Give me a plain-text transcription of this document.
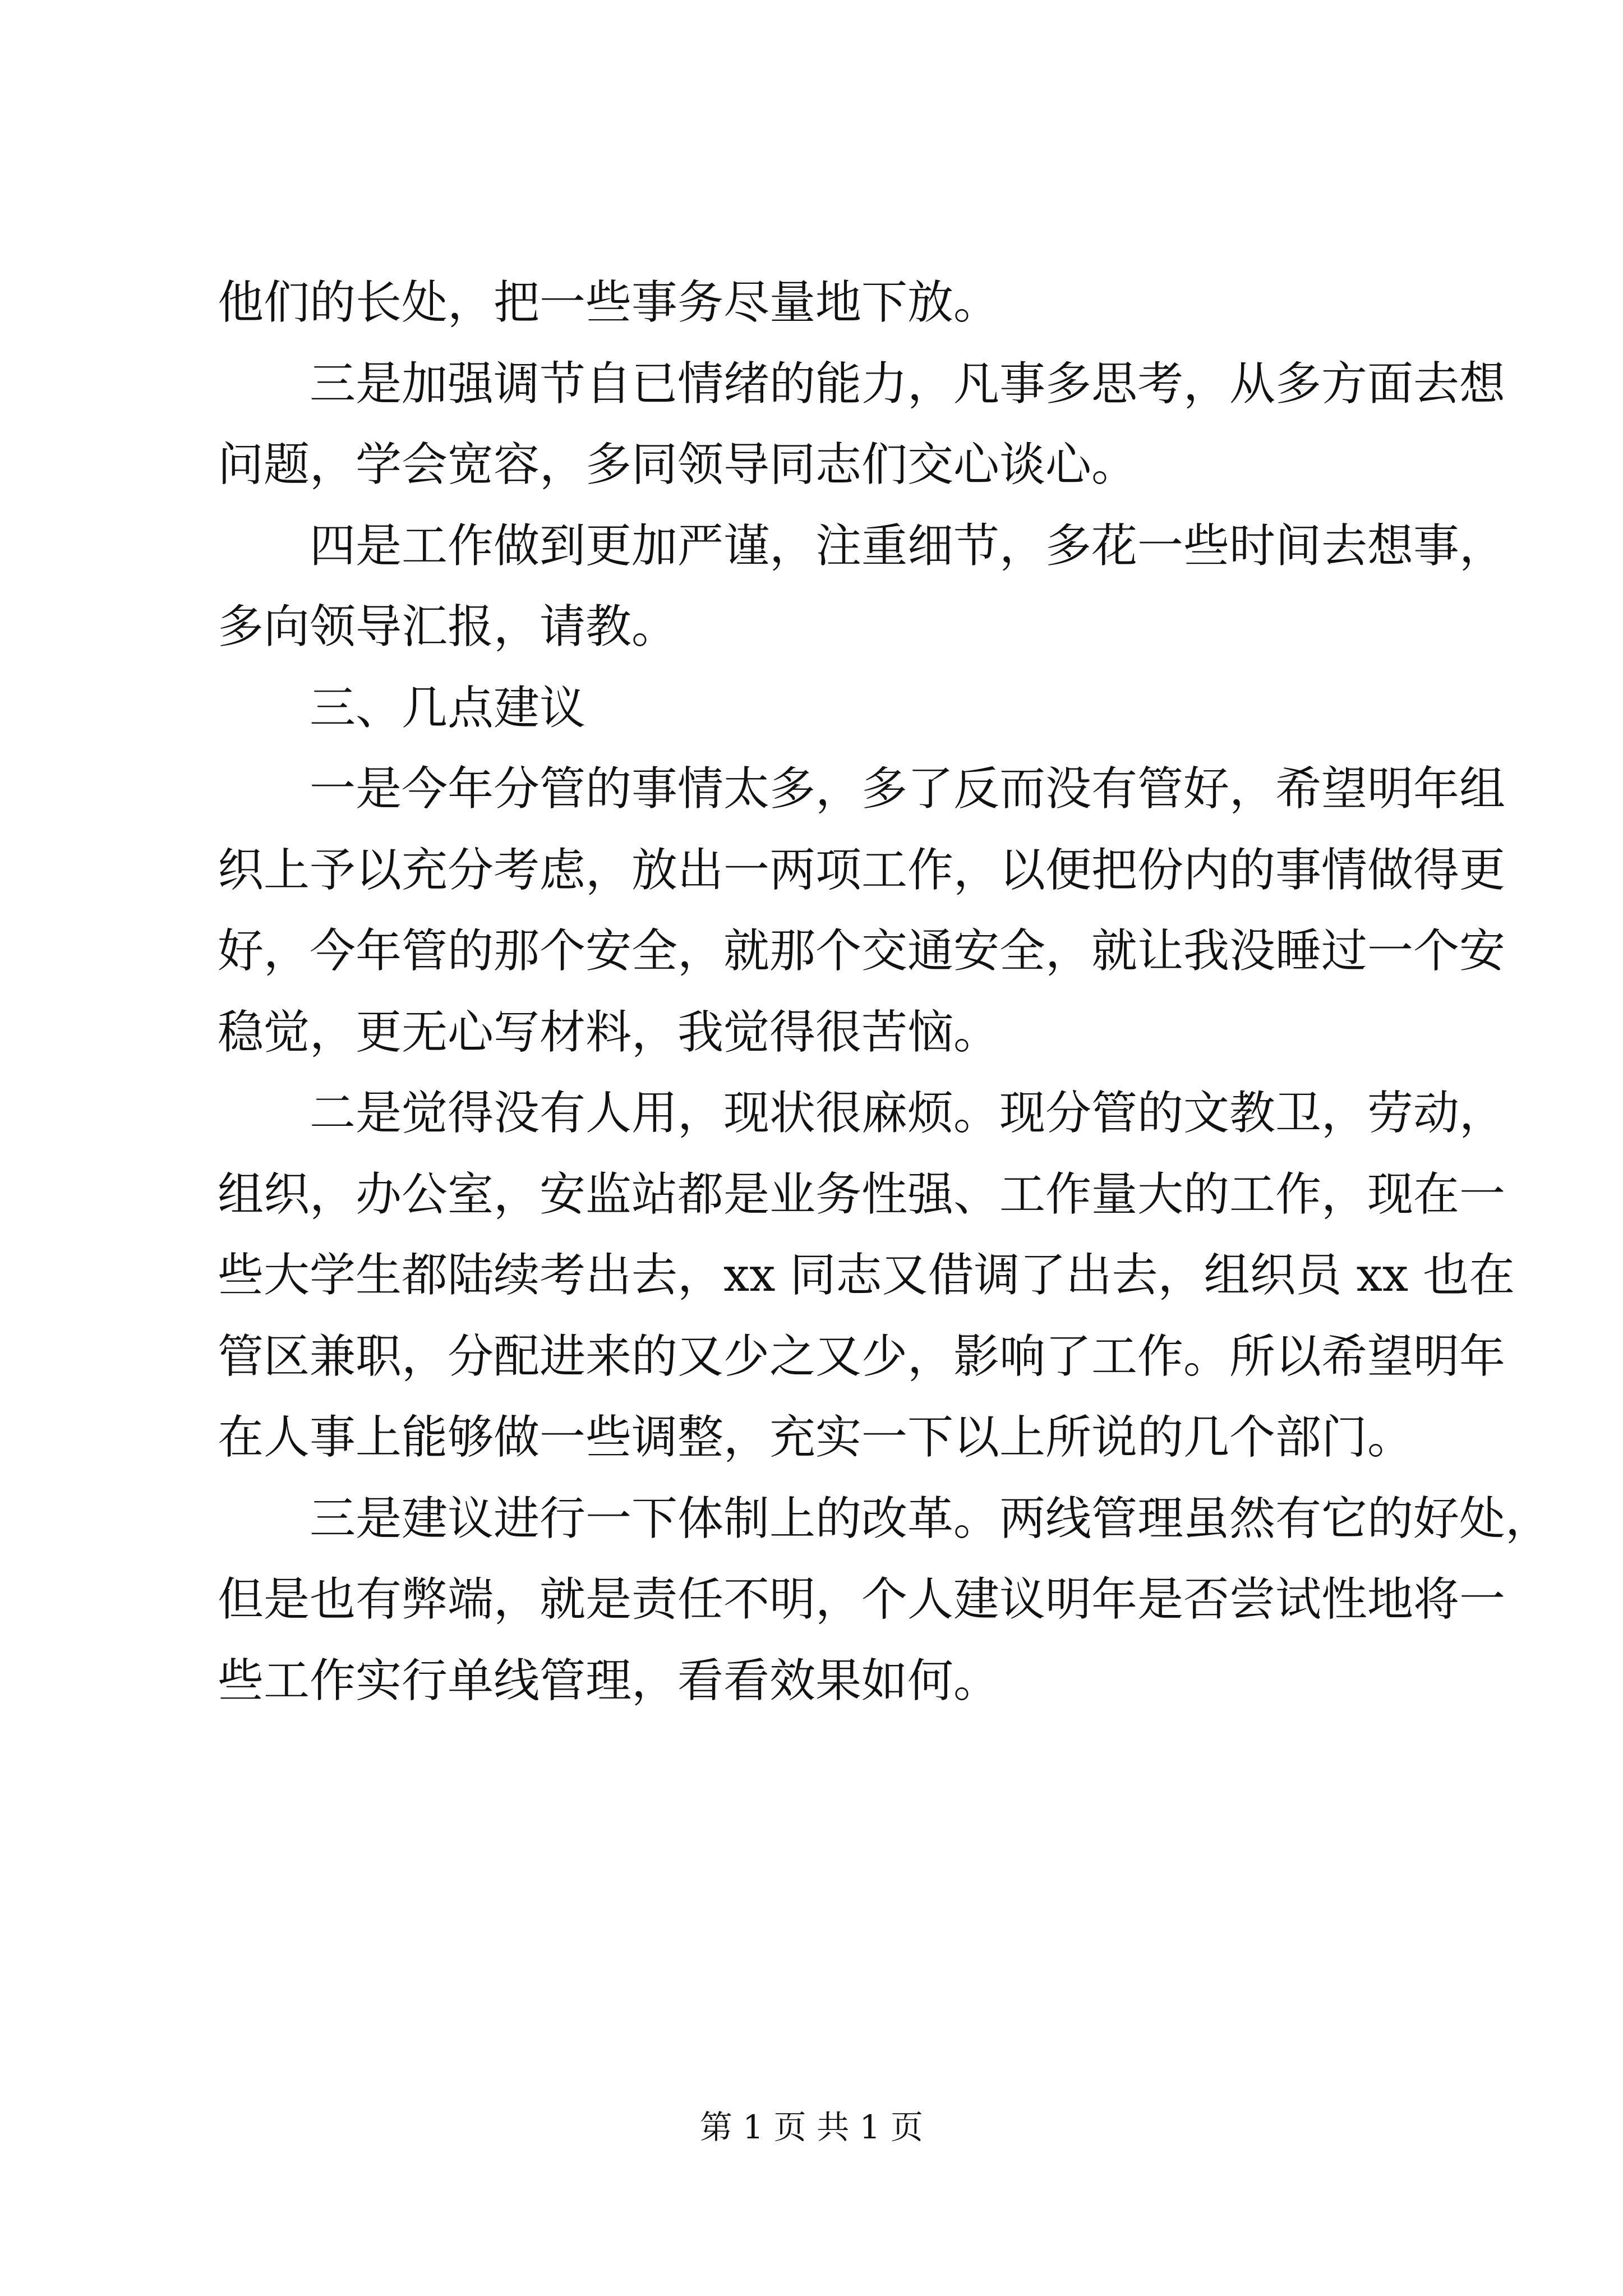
他们的长处，把一些事务尽量地下放。
三是加强调节自已情绪的能力，凡事多思考，从多方面去想
问题，学会宽容，多同领导同志们交心谈心。
四是工作做到更加严谨，注重细节，多花一些时间去想事，
多向领导汇报，请教。
三、几点建议
一是今年分管的事情太多，多了反而没有管好，希望明年组
织上予以充分考虑，放出一两项工作，以便把份内的事情做得更
好，今年管的那个安全，就那个交通安全，就让我没睡过一个安
稳觉，更无心写材料，我觉得很苦恼。
二是觉得没有人用，现状很麻烦。现分管的文教卫，劳动，
组织，办公室，安监站都是业务性强、工作量大的工作，现在一
些大学生都陆续考出去，xx 同志又借调了出去，组织员 xx 也在
管区兼职，分配进来的又少之又少，影响了工作。所以希望明年
在人事上能够做一些调整，充实一下以上所说的几个部门。
三是建议进行一下体制上的改革。两线管理虽然有它的好处，
但是也有弊端，就是责任不明，个人建议明年是否尝试性地将一
些工作实行单线管理，看看效果如何。
第 1 页 共 1 页
